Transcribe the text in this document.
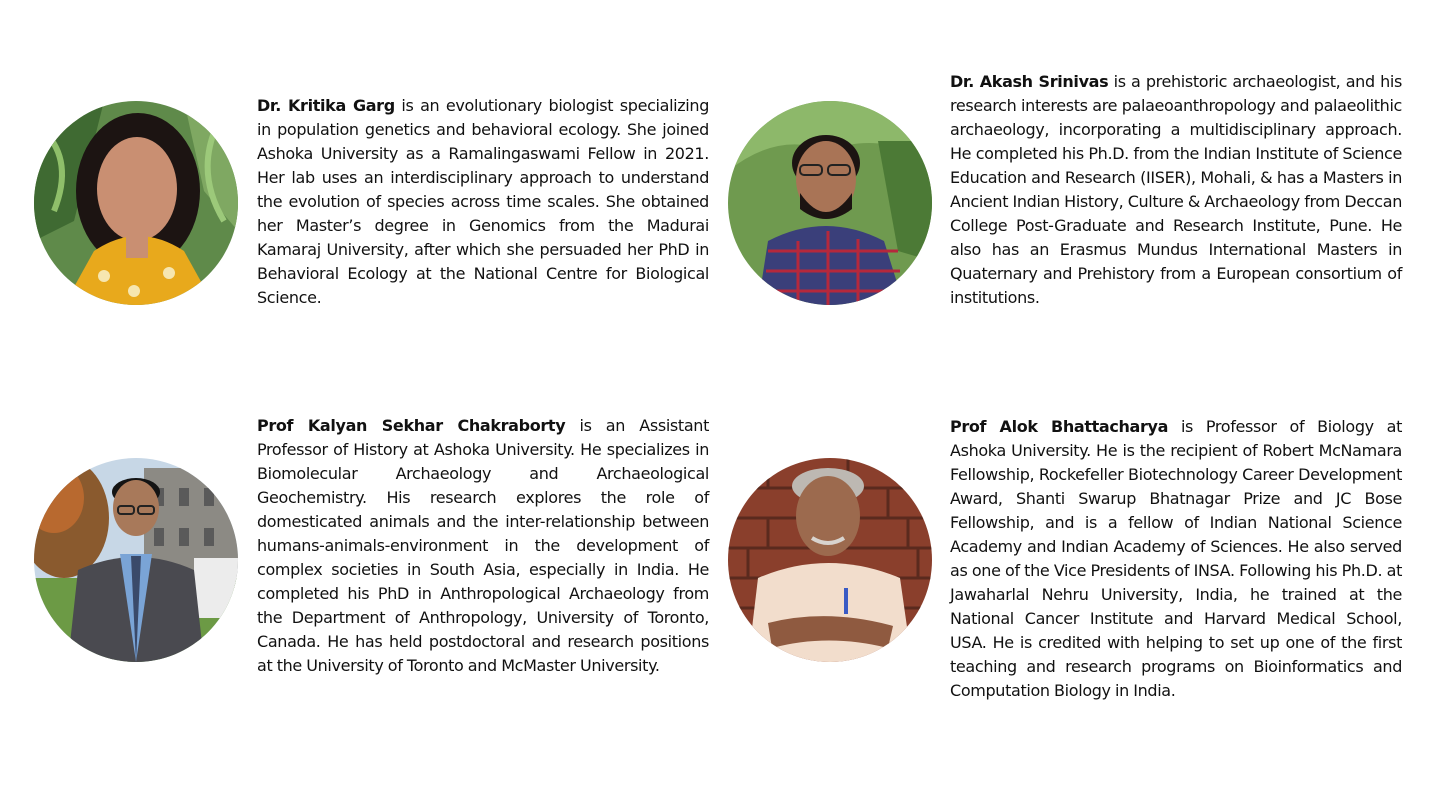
Dr. Kritika Garg is an evolutionary biologist specializing in population genetics and behavioral ecology. She joined Ashoka University as a Ramalingaswami Fellow in 2021. Her lab uses an interdisciplinary approach to understand the evolution of species across time scales. She obtained her Master’s degree in Genomics from the Madurai Kamaraj University, after which she persuaded her PhD in Behavioral Ecology at the National Centre for Biological Science.

Dr. Akash Srinivas is a prehistoric archaeologist, and his research interests are palaeoanthropology and palaeolithic archaeology, incorporating a multidisciplinary approach. He completed his Ph.D. from the Indian Institute of Science Education and Research (IISER), Mohali, & has a Masters in Ancient Indian History, Culture & Archaeology from Deccan College Post-Graduate and Research Institute, Pune. He also has an Erasmus Mundus International Masters in Quaternary and Prehistory from a European consortium of institutions.

Prof Kalyan Sekhar Chakraborty is an Assistant Professor of History at Ashoka University. He specializes in Biomolecular Archaeology and Archaeological Geochemistry. His research explores the role of domesticated animals and the inter-relationship between humans-animals-environment in the development of complex societies in South Asia, especially in India. He completed his PhD in Anthropological Archaeology from the Department of Anthropology, University of Toronto, Canada. He has held postdoctoral and research positions at the University of Toronto and McMaster University.

Prof Alok Bhattacharya is Professor of Biology at Ashoka University. He is the recipient of Robert McNamara Fellowship, Rockefeller Biotechnology Career Development Award, Shanti Swarup Bhatnagar Prize and JC Bose Fellowship, and is a fellow of Indian National Science Academy and Indian Academy of Sciences. He also served as one of the Vice Presidents of INSA. Following his Ph.D. at Jawaharlal Nehru University, India, he trained at the National Cancer Institute and Harvard Medical School, USA. He is credited with helping to set up one of the first teaching and research programs on Bioinformatics and Computation Biology in India.
